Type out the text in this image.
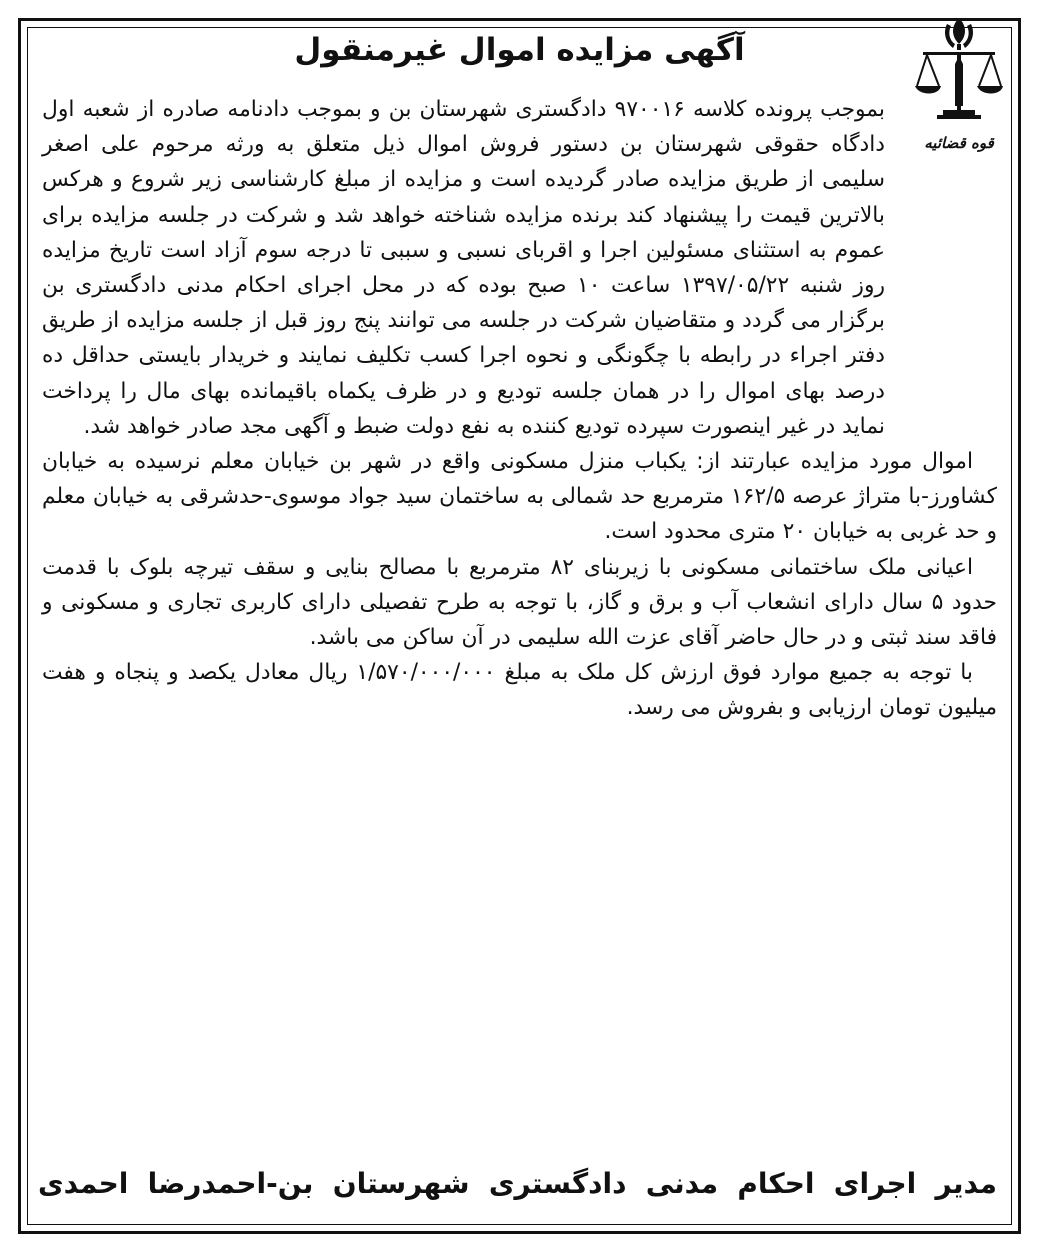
قوه قضائیه
آگهی مزایده اموال غیرمنقول

بموجب پرونده کلاسه ۹۷۰۰۱۶ دادگستری شهرستان بن و بموجب دادنامه صادره از شعبه اول دادگاه حقوقی شهرستان بن دستور فروش اموال ذیل متعلق به ورثه مرحوم علی اصغر سلیمی از طریق مزایده صادر گردیده است و مزایده از مبلغ کارشناسی زیر شروع و هرکس بالاترین قیمت را پیشنهاد کند برنده مزایده شناخته خواهد شد و شرکت در جلسه مزایده برای عموم به استثنای مسئولین اجرا و اقربای نسبی و سببی تا درجه سوم آزاد است تاریخ مزایده روز شنبه ۱۳۹۷/۰۵/۲۲ ساعت ۱۰ صبح بوده که در محل اجرای احکام مدنی دادگستری بن برگزار می گردد و متقاضیان شرکت در جلسه می توانند پنج روز قبل از جلسه مزایده از طریق دفتر اجراء در رابطه با چگونگی و نحوه اجرا کسب تکلیف نمایند و خریدار بایستی حداقل ده درصد بهای اموال را در همان جلسه تودیع و در ظرف یکماه باقیمانده بهای مال را پرداخت نماید در غیر اینصورت سپرده تودیع کننده به نفع دولت ضبط و آگهی مجد صادر خواهد شد.

اموال مورد مزایده عبارتند از: یکباب منزل مسکونی واقع در شهر بن خیابان معلم نرسیده به خیابان کشاورز-با متراژ عرصه ۱۶۲/۵ مترمربع حد شمالی به ساختمان سید جواد موسوی-حدشرقی به خیابان معلم و حد غربی به خیابان ۲۰ متری محدود است.

اعیانی ملک ساختمانی مسکونی با زیربنای ۸۲ مترمربع با مصالح بنایی و سقف تیرچه بلوک با قدمت حدود ۵ سال دارای انشعاب آب و برق و گاز، با توجه به طرح تفصیلی دارای کاربری تجاری و مسکونی و فاقد سند ثبتی و در حال حاضر آقای عزت الله سلیمی در آن ساکن می باشد.

با توجه به جمیع موارد فوق ارزش کل ملک به مبلغ ۱/۵۷۰/۰۰۰/۰۰۰ ریال معادل یکصد و پنجاه و هفت میلیون تومان ارزیابی و بفروش می رسد.

مدیر اجرای احکام مدنی دادگستری شهرستان بن-احمدرضا احمدی
